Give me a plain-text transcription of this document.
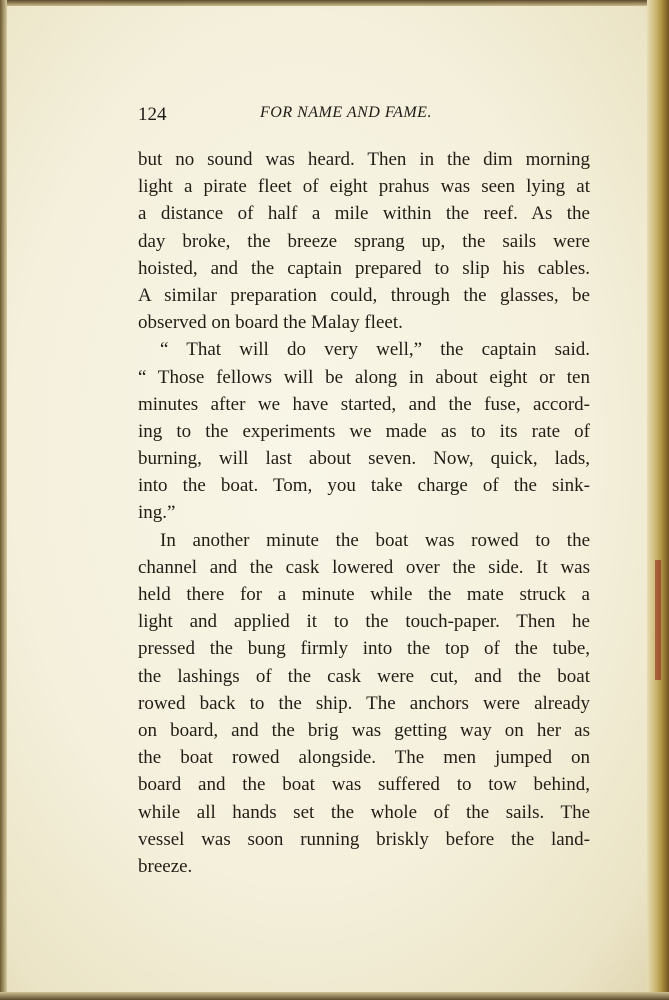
124	FOR NAME AND FAME.
but no sound was heard. Then in the dim morning
light a pirate fleet of eight prahus was seen lying at
a distance of half a mile within the reef. As the
day broke, the breeze sprang up, the sails were
hoisted, and the captain prepared to slip his cables.
A similar preparation could, through the glasses, be
observed on board the Malay fleet.
“ That will do very well,” the captain said.
“ Those fellows will be along in about eight or ten
minutes after we have started, and the fuse, accord-
ing to the experiments we made as to its rate of
burning, will last about seven. Now, quick, lads,
into the boat. Tom, you take charge of the sink-
ing.”
In another minute the boat was rowed to the
channel and the cask lowered over the side. It was
held there for a minute while the mate struck a
light and applied it to the touch-paper. Then he
pressed the bung firmly into the top of the tube,
the lashings of the cask were cut, and the boat
rowed back to the ship. The anchors were already
on board, and the brig was getting way on her as
the boat rowed alongside. The men jumped on
board and the boat was suffered to tow behind,
while all hands set the whole of the sails. The
vessel was soon running briskly before the land-
breeze.
